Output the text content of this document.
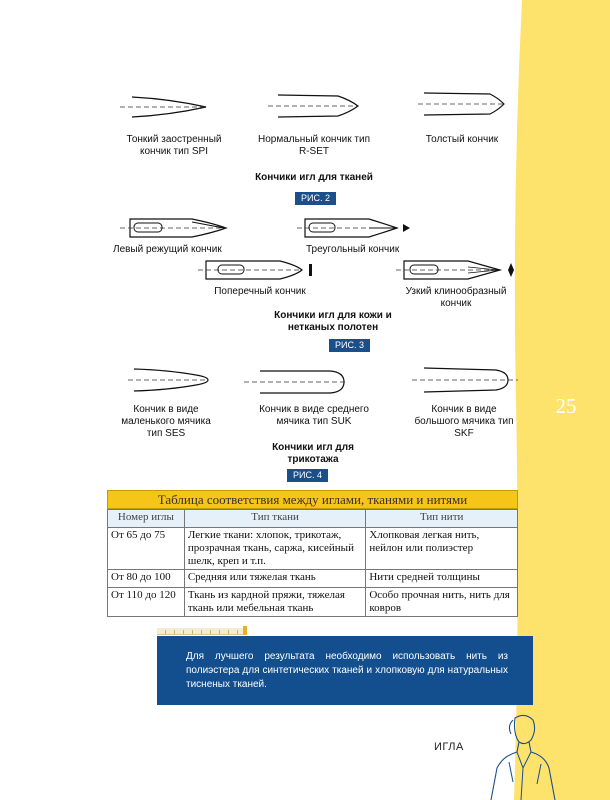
25
Тонкий заостренный кончик тип SPI
Нормальный кончик тип R-SET
Толстый кончик
Кончики игл для тканей
РИС. 2
Левый режущий кончик	Треугольный кончик
Поперечный кончик	Узкий клинообразный кончик
Кончики игл для кожи и нетканых полотен
РИС. 3
Кончик в виде маленького мячика тип SES
Кончик в виде среднего мячика тип SUK
Кончик в виде большого мячика тип SKF
Кончики игл для трикотажа
РИС. 4
Таблица соответствия между иглами, тканями и нитями
Номер иглы	Тип ткани	Тип нити
От 65 до 75	Легкие ткани: хлопок, трикотаж, прозрачная ткань, саржа, кисейный шелк, креп и т.п.	Хлопковая легкая нить, нейлон или полиэстер
От 80 до 100	Средняя или тяжелая ткань	Нити средней толщины
От 110 до 120	Ткань из кардной пряжи, тяжелая ткань или мебельная ткань	Особо прочная нить, нить для ковров
Для лучшего результата необходимо использовать нить из полиэстера для синтетических тканей и хлопковую для натуральных тисненых тканей.
ИГЛА
